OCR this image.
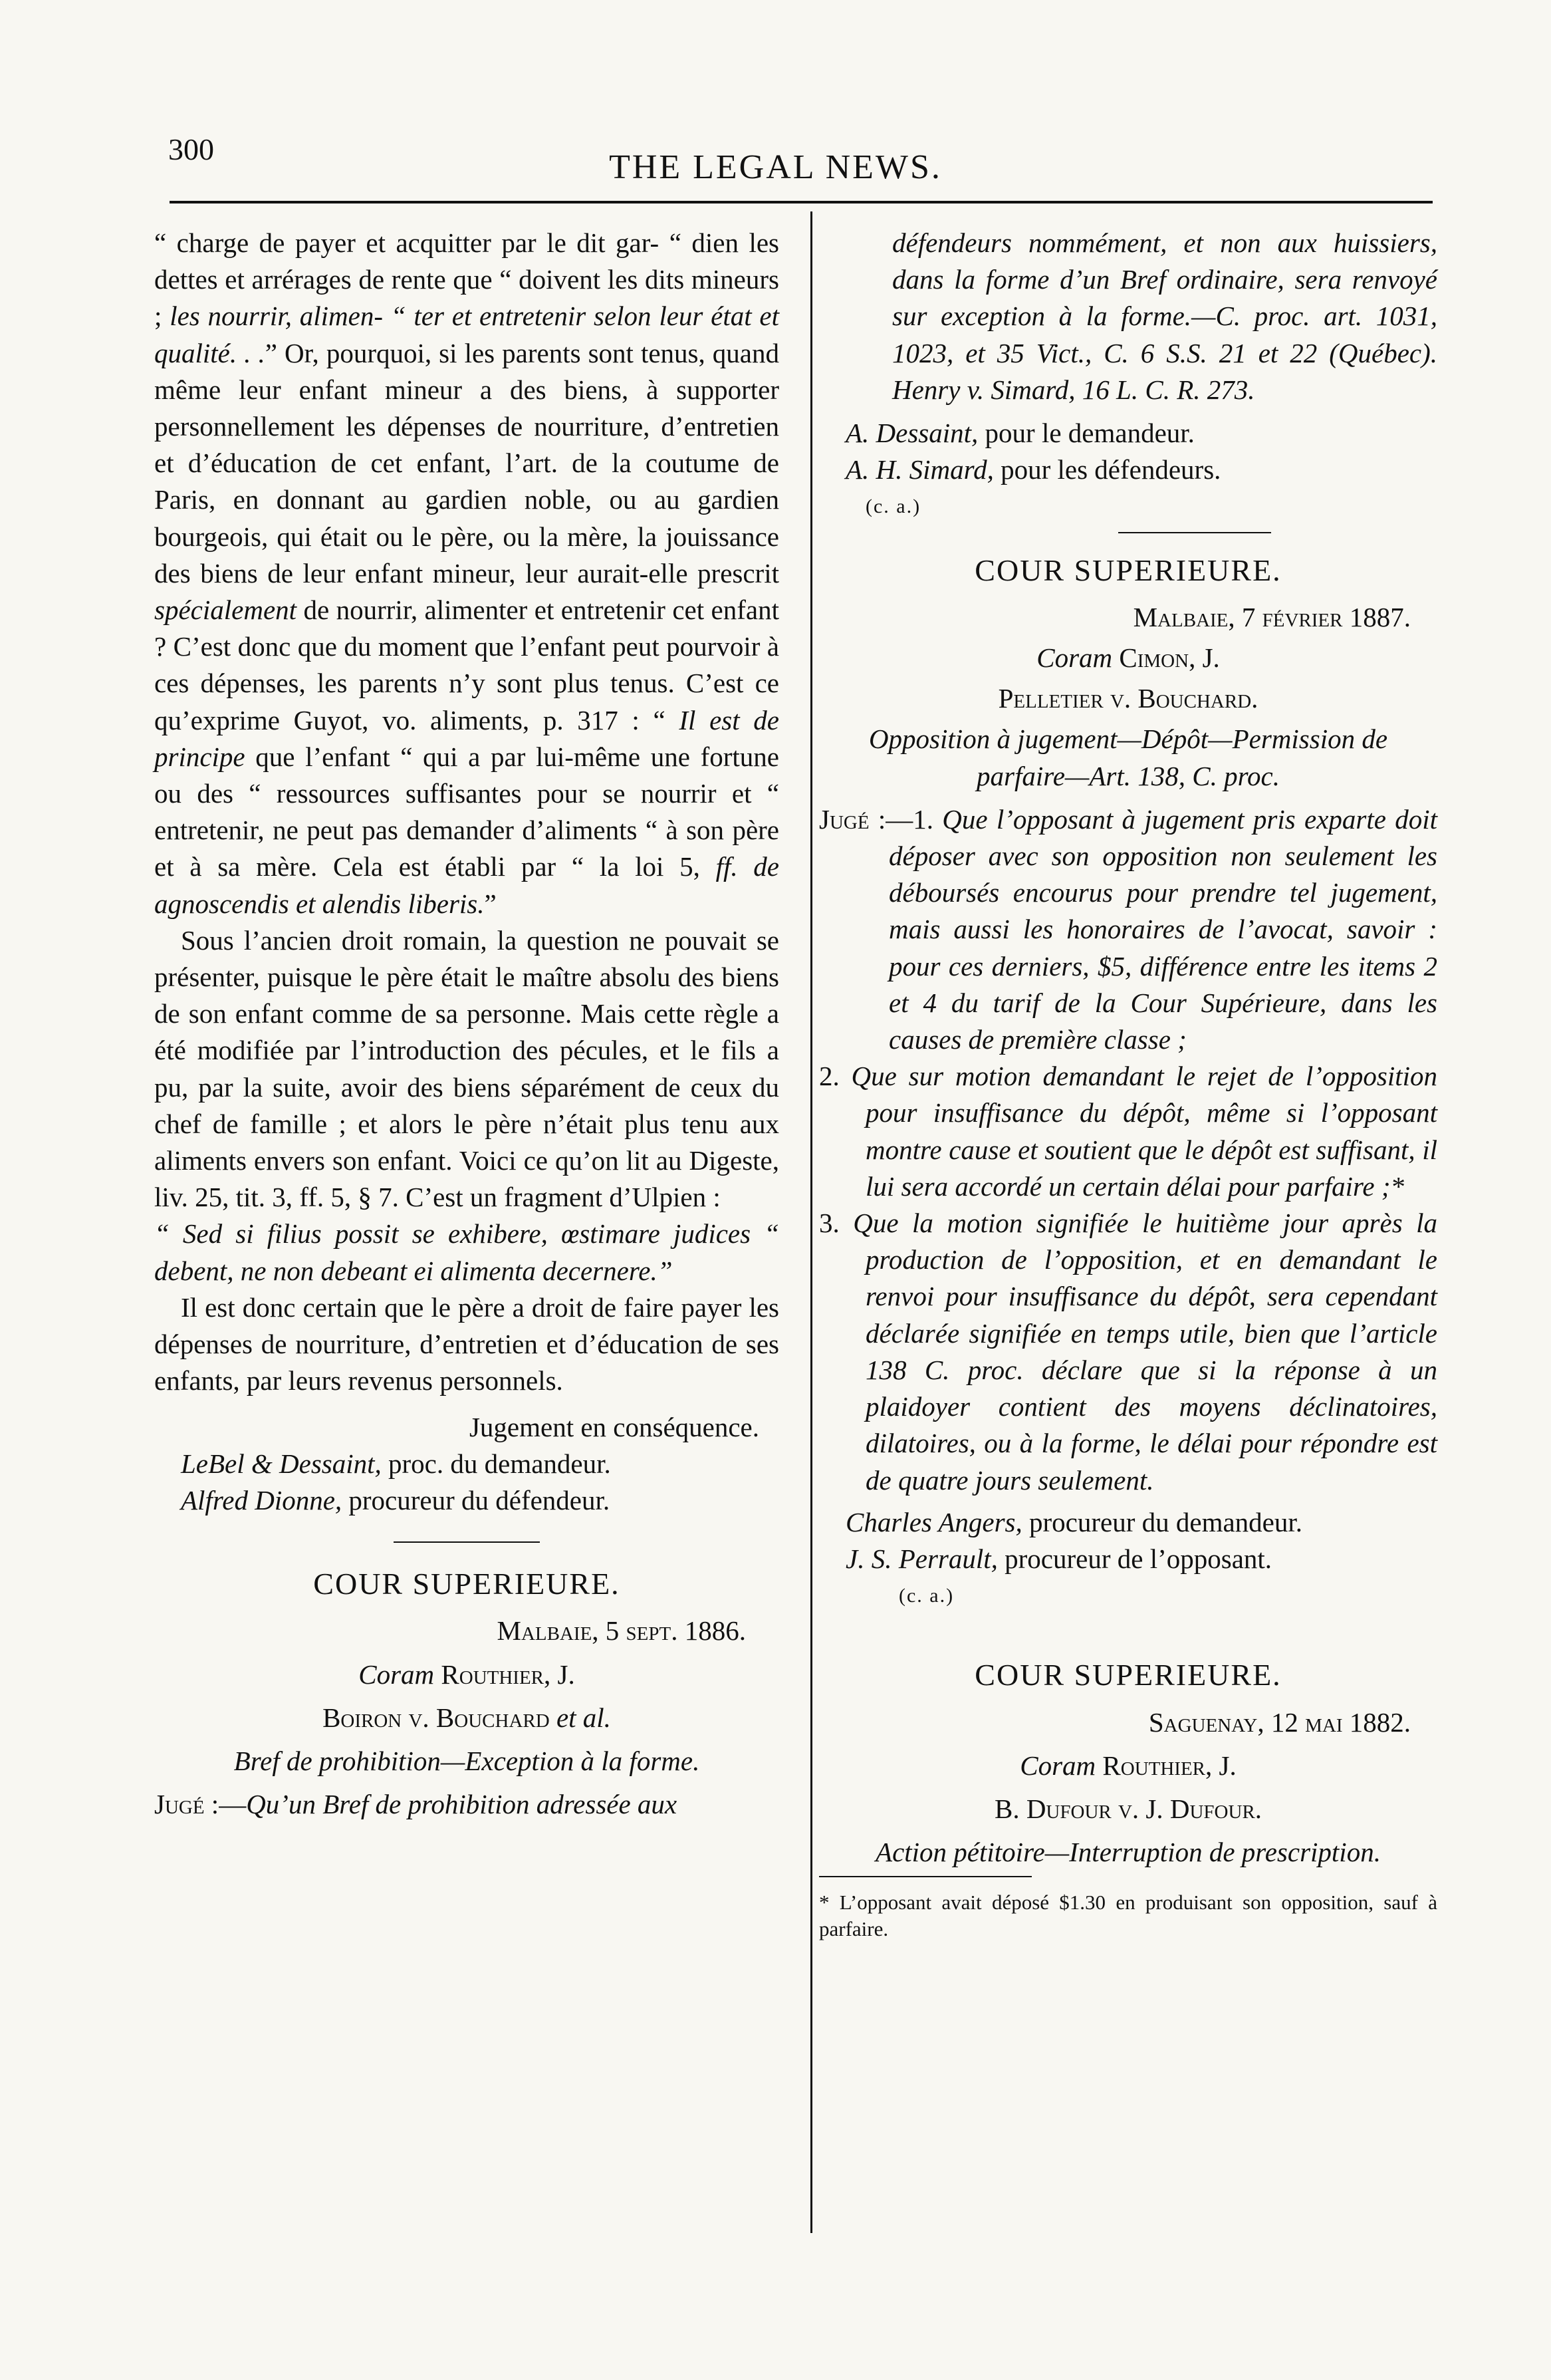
300	THE LEGAL NEWS.

“ charge de payer et acquitter par le dit gar- “ dien les dettes et arrérages de rente que “ doivent les dits mineurs ; les nourrir, alimen- “ ter et entretenir selon leur état et qualité. . .” Or, pourquoi, si les parents sont tenus, quand même leur enfant mineur a des biens, à supporter personnellement les dépenses de nourriture, d’entretien et d’éducation de cet enfant, l’art. de la coutume de Paris, en donnant au gardien noble, ou au gardien bourgeois, qui était ou le père, ou la mère, la jouissance des biens de leur enfant mineur, leur aurait-elle prescrit spécialement de nourrir, alimenter et entretenir cet enfant ? C’est donc que du moment que l’enfant peut pourvoir à ces dépenses, les parents n’y sont plus tenus. C’est ce qu’exprime Guyot, vo. aliments, p. 317 : “ Il est de principe que l’enfant “ qui a par lui-même une fortune ou des “ ressources suffisantes pour se nourrir et “ entretenir, ne peut pas demander d’aliments “ à son père et à sa mère. Cela est établi par “ la loi 5, ff. de agnoscendis et alendis liberis.”

Sous l’ancien droit romain, la question ne pouvait se présenter, puisque le père était le maître absolu des biens de son enfant comme de sa personne. Mais cette règle a été modifiée par l’introduction des pécules, et le fils a pu, par la suite, avoir des biens séparément de ceux du chef de famille ; et alors le père n’était plus tenu aux aliments envers son enfant. Voici ce qu’on lit au Digeste, liv. 25, tit. 3, ff. 5, § 7. C’est un fragment d’Ulpien :

“ Sed si filius possit se exhibere, œstimare judices “ debent, ne non debeant ei alimenta decernere.”

Il est donc certain que le père a droit de faire payer les dépenses de nourriture, d’entretien et d’éducation de ses enfants, par leurs revenus personnels.

Jugement en conséquence.

LeBel & Dessaint, proc. du demandeur.

Alfred Dionne, procureur du défendeur.

COUR SUPERIEURE.

Malbaie, 5 sept. 1886.

Coram Routhier, J.

Boiron v. Bouchard et al.

Bref de prohibition—Exception à la forme.

Jugé :—Qu’un Bref de prohibition adressée aux

défendeurs nommément, et non aux huissiers, dans la forme d’un Bref ordinaire, sera renvoyé sur exception à la forme.—C. proc. art. 1031, 1023, et 35 Vict., C. 6 S.S. 21 et 22 (Québec). Henry v. Simard, 16 L. C. R. 273.

A. Dessaint, pour le demandeur.

A. H. Simard, pour les défendeurs.

(c. a.)

COUR SUPERIEURE.

Malbaie, 7 février 1887.

Coram Cimon, J.

Pelletier v. Bouchard.

Opposition à jugement—Dépôt—Permission de parfaire—Art. 138, C. proc.

Jugé :—1. Que l’opposant à jugement pris exparte doit déposer avec son opposition non seulement les déboursés encourus pour prendre tel jugement, mais aussi les honoraires de l’avocat, savoir : pour ces derniers, $5, différence entre les items 2 et 4 du tarif de la Cour Supérieure, dans les causes de première classe ;

2. Que sur motion demandant le rejet de l’opposition pour insuffisance du dépôt, même si l’opposant montre cause et soutient que le dépôt est suffisant, il lui sera accordé un certain délai pour parfaire ;*

3. Que la motion signifiée le huitième jour après la production de l’opposition, et en demandant le renvoi pour insuffisance du dépôt, sera cependant déclarée signifiée en temps utile, bien que l’article 138 C. proc. déclare que si la réponse à un plaidoyer contient des moyens déclinatoires, dilatoires, ou à la forme, le délai pour répondre est de quatre jours seulement.

Charles Angers, procureur du demandeur.

J. S. Perrault, procureur de l’opposant.

(c. a.)

COUR SUPERIEURE.

Saguenay, 12 mai 1882.

Coram Routhier, J.

B. Dufour v. J. Dufour.

Action pétitoire—Interruption de prescription.

* L’opposant avait déposé $1.30 en produisant son opposition, sauf à parfaire.
